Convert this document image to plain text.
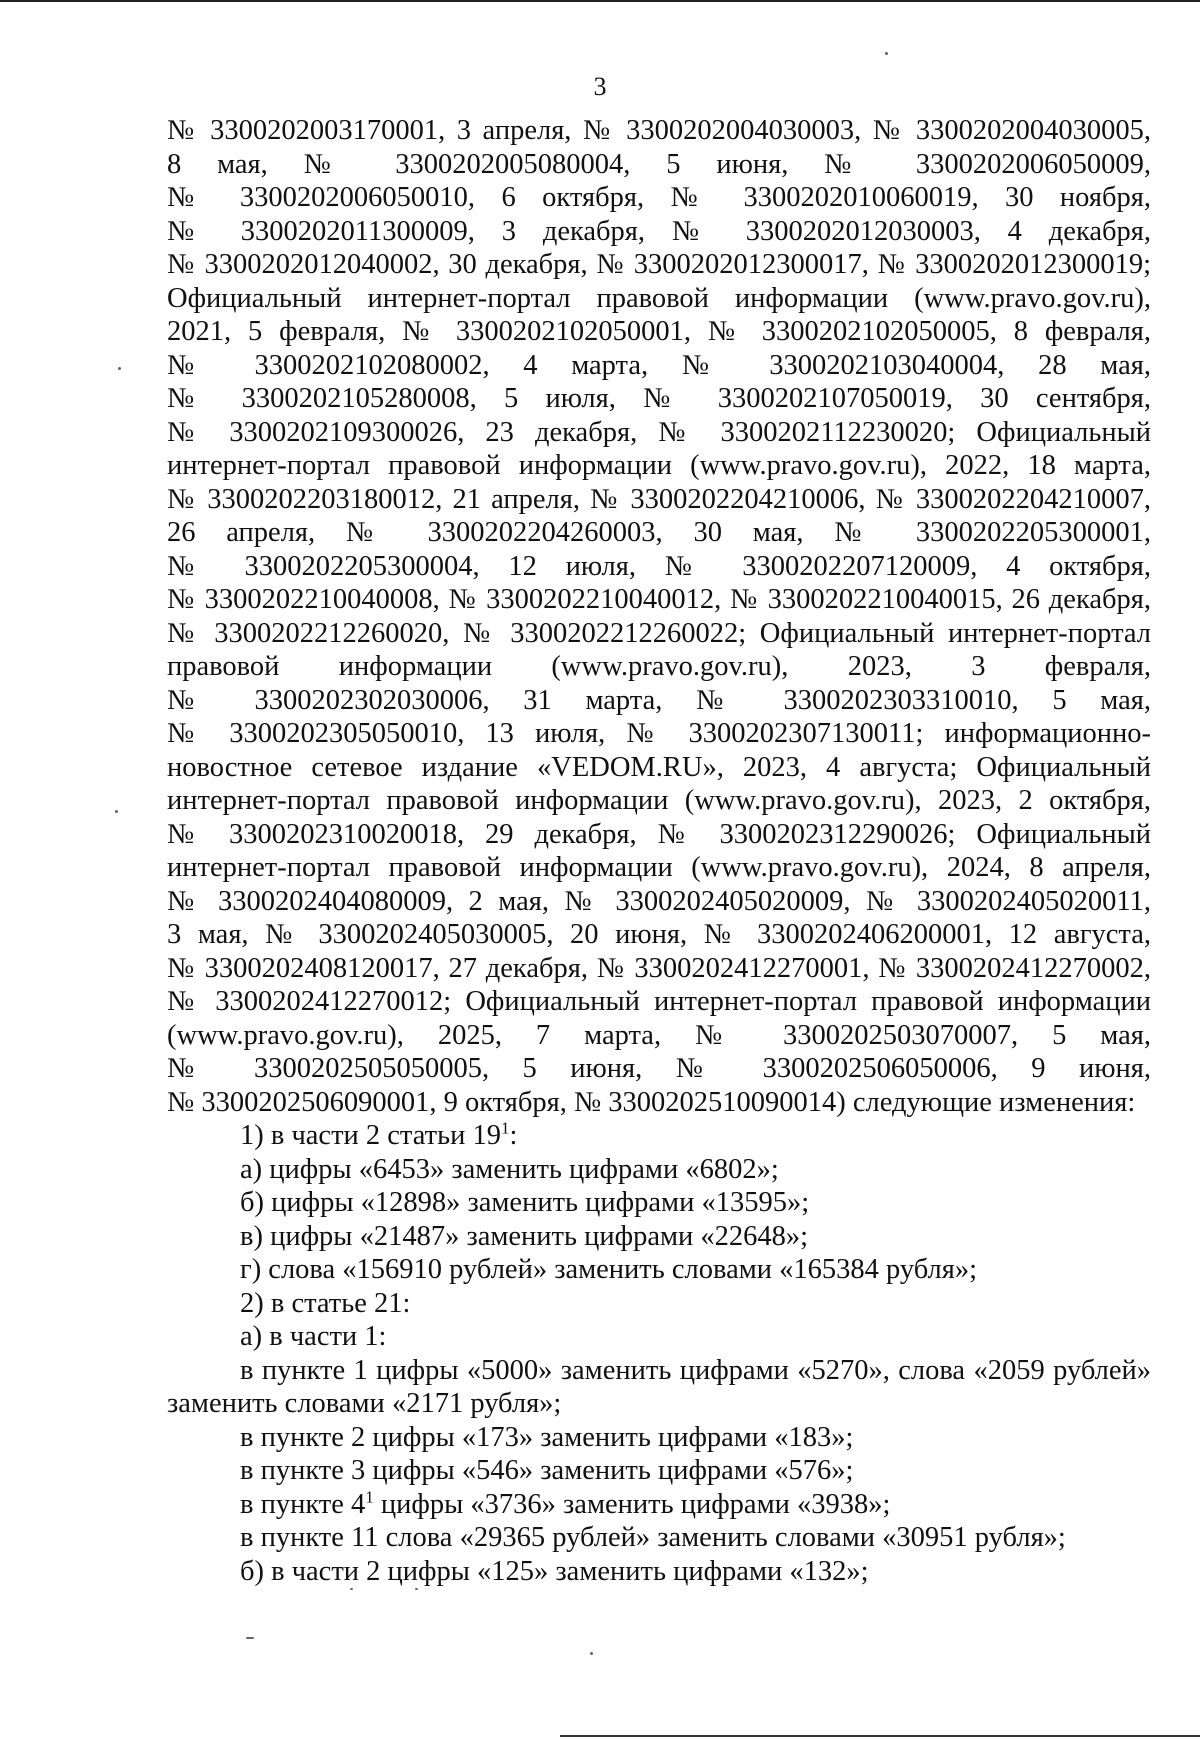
3
№ 3300202003170001, 3 апреля, № 3300202004030003, № 3300202004030005,
8 мая, № 3300202005080004, 5 июня, № 3300202006050009,
№ 3300202006050010, 6 октября, № 3300202010060019, 30 ноября,
№ 3300202011300009, 3 декабря, № 3300202012030003, 4 декабря,
№ 3300202012040002, 30 декабря, № 3300202012300017, № 3300202012300019;
Официальный интернет-портал правовой информации (www.pravo.gov.ru),
2021, 5 февраля, № 3300202102050001, № 3300202102050005, 8 февраля,
№ 3300202102080002, 4 марта, № 3300202103040004, 28 мая,
№ 3300202105280008, 5 июля, № 3300202107050019, 30 сентября,
№ 3300202109300026, 23 декабря, № 3300202112230020; Официальный
интернет-портал правовой информации (www.pravo.gov.ru), 2022, 18 марта,
№ 3300202203180012, 21 апреля, № 3300202204210006, № 3300202204210007,
26 апреля, № 3300202204260003, 30 мая, № 3300202205300001,
№ 3300202205300004, 12 июля, № 3300202207120009, 4 октября,
№ 3300202210040008, № 3300202210040012, № 3300202210040015, 26 декабря,
№ 3300202212260020, № 3300202212260022; Официальный интернет-портал
правовой информации (www.pravo.gov.ru), 2023, 3 февраля,
№ 3300202302030006, 31 марта, № 3300202303310010, 5 мая,
№ 3300202305050010, 13 июля, № 3300202307130011; информационно-
новостное сетевое издание «VEDOM.RU», 2023, 4 августа; Официальный
интернет-портал правовой информации (www.pravo.gov.ru), 2023, 2 октября,
№ 3300202310020018, 29 декабря, № 3300202312290026; Официальный
интернет-портал правовой информации (www.pravo.gov.ru), 2024, 8 апреля,
№ 3300202404080009, 2 мая, № 3300202405020009, № 3300202405020011,
3 мая, № 3300202405030005, 20 июня, № 3300202406200001, 12 августа,
№ 3300202408120017, 27 декабря, № 3300202412270001, № 3300202412270002,
№ 3300202412270012; Официальный интернет-портал правовой информации
(www.pravo.gov.ru), 2025, 7 марта, № 3300202503070007, 5 мая,
№ 3300202505050005, 5 июня, № 3300202506050006, 9 июня,
№ 3300202506090001, 9 октября, № 3300202510090014) следующие изменения:
1) в части 2 статьи $19^1$:
а) цифры «6453» заменить цифрами «6802»;
б) цифры «12898» заменить цифрами «13595»;
в) цифры «21487» заменить цифрами «22648»;
г) слова «156910 рублей» заменить словами «165384 рубля»;
2) в статье 21:
а) в части 1:
в пункте 1 цифры «5000» заменить цифрами «5270», слова «2059 рублей»
заменить словами «2171 рубля»;
в пункте 2 цифры «173» заменить цифрами «183»;
в пункте 3 цифры «546» заменить цифрами «576»;
в пункте $4^1$ цифры «3736» заменить цифрами «3938»;
в пункте 11 слова «29365 рублей» заменить словами «30951 рубля»;
б) в части 2 цифры «125» заменить цифрами «132»;
